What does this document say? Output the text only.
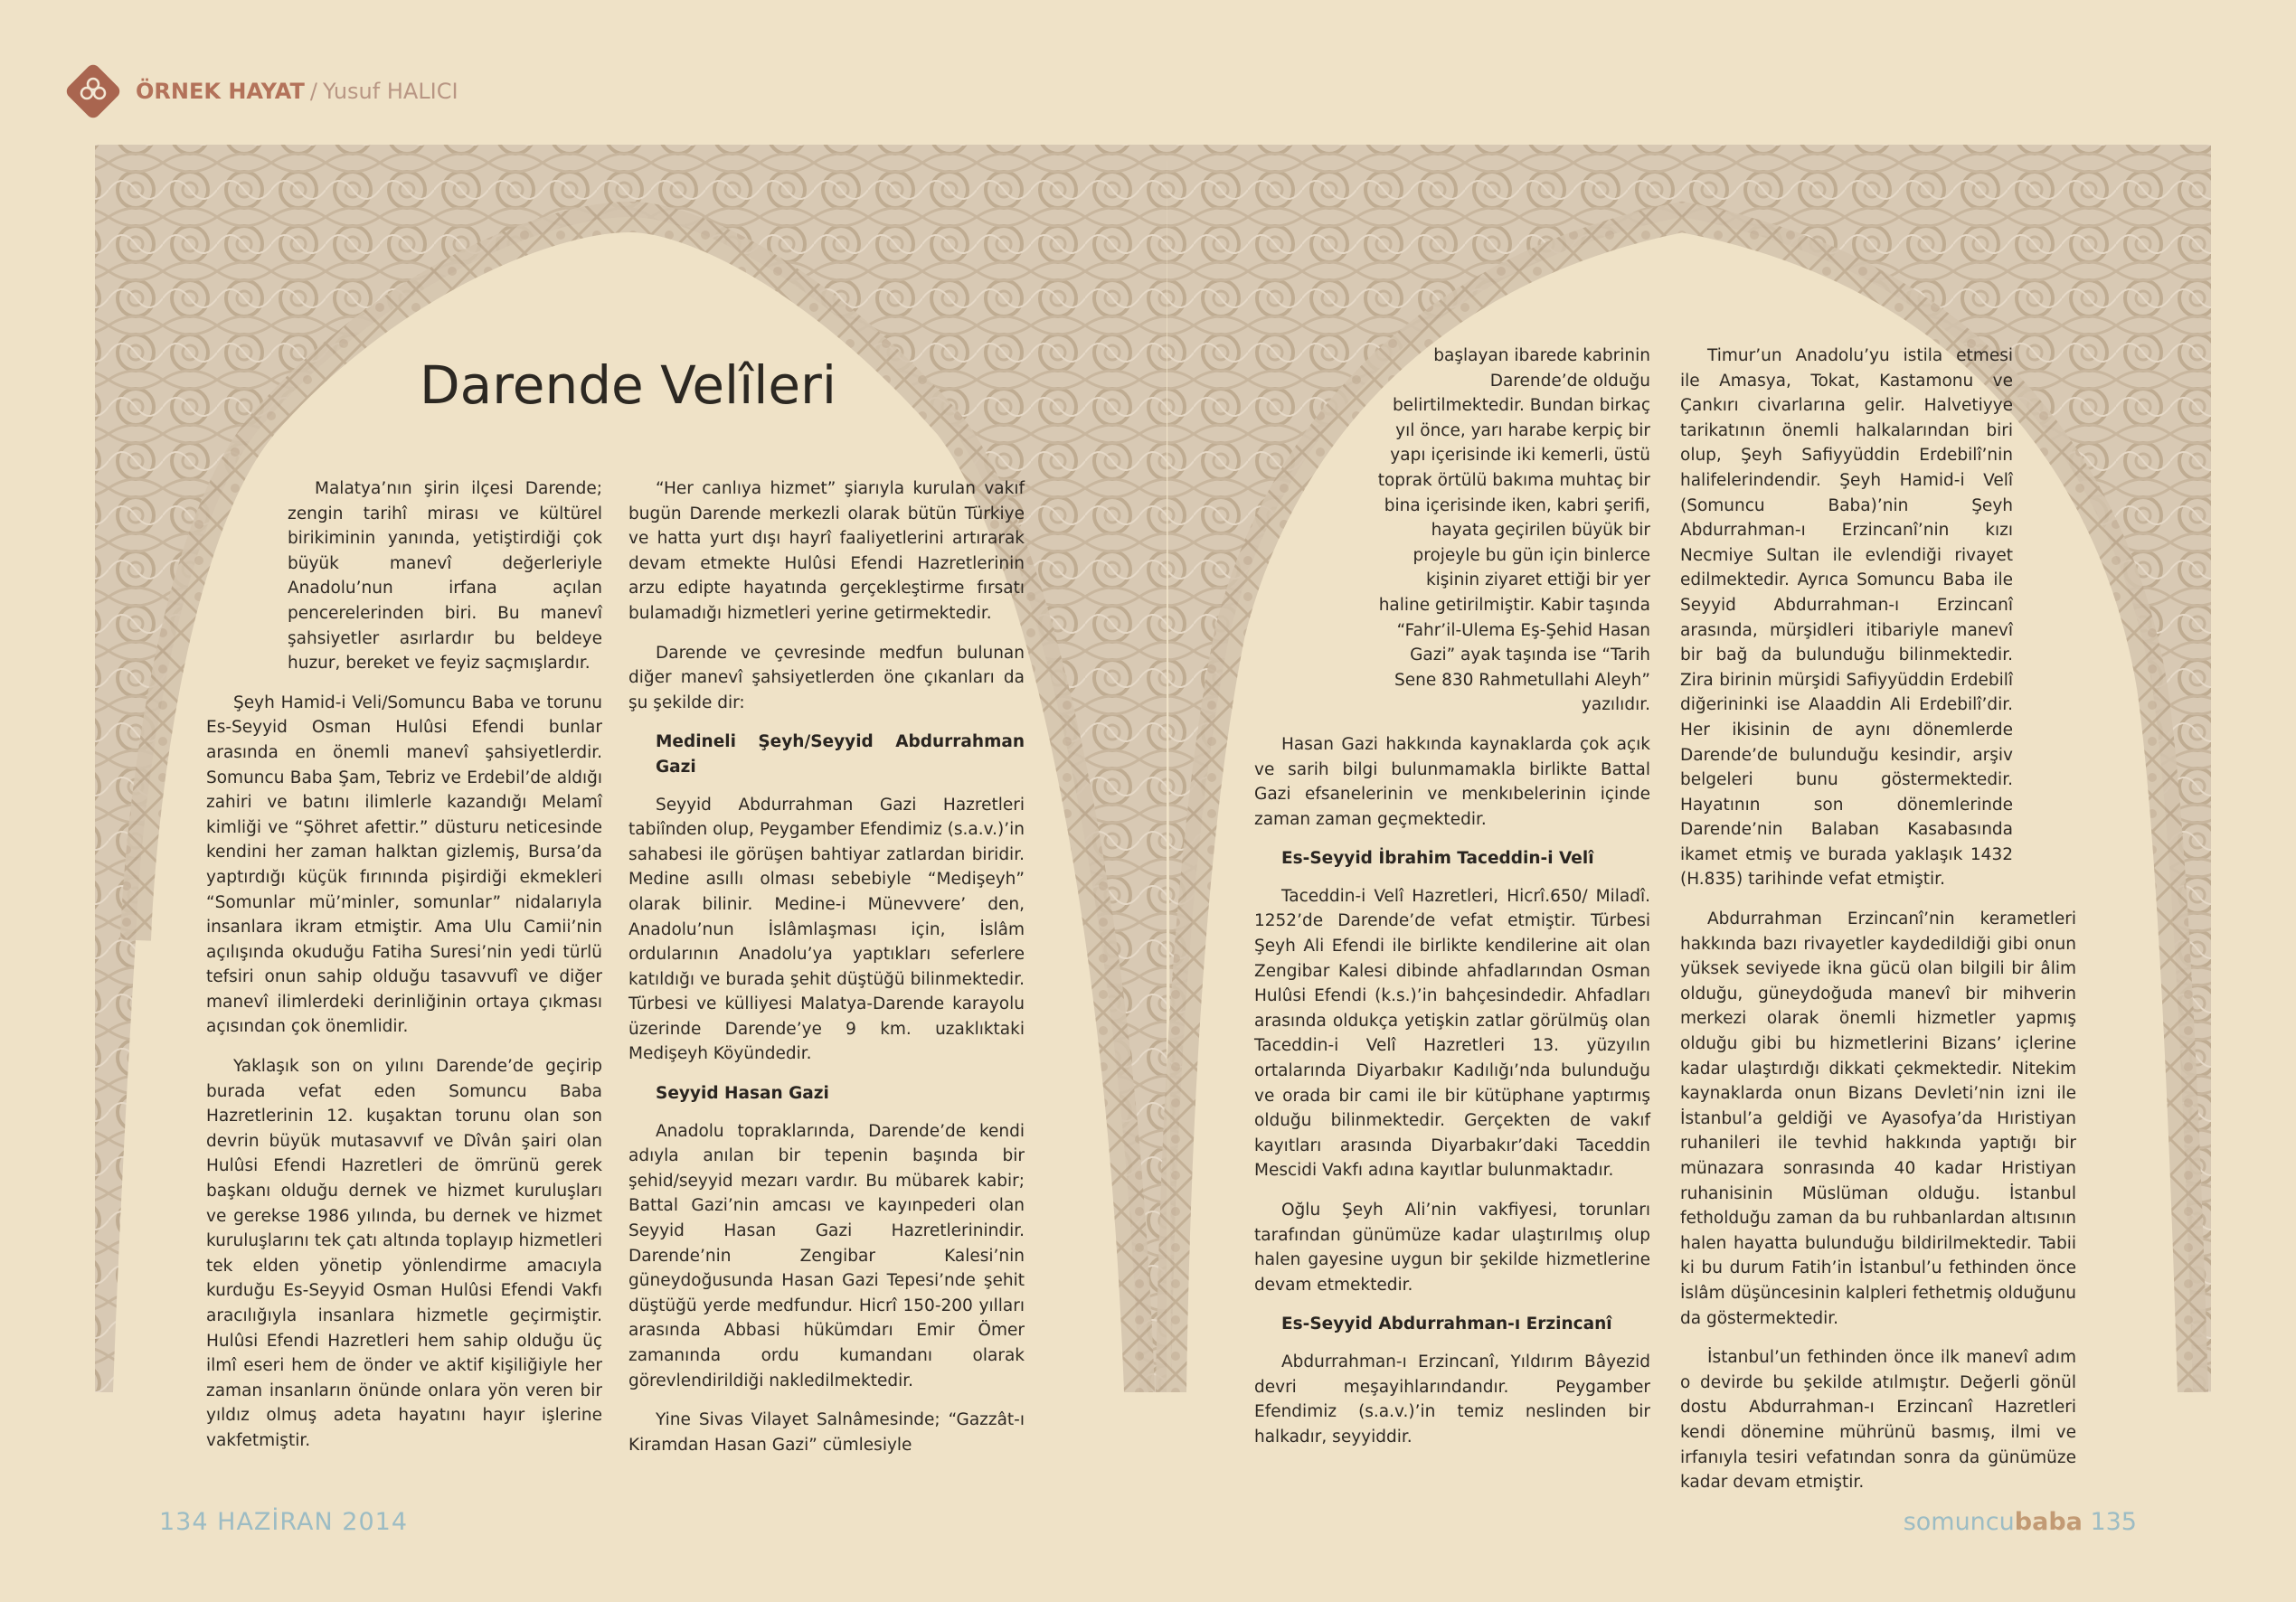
ÖRNEK HAYAT / Yusuf HALICI
Darende Velîleri

Malatya’nın şirin ilçesi Darende; zengin tarihî mirası ve kültürel birikiminin yanında, yetiştirdiği çok büyük manevî değerleriyle Anadolu’nun irfana açılan pencerelerinden biri. Bu manevî şahsiyetler asırlardır bu beldeye huzur, bereket ve feyiz saçmışlardır.

Şeyh Hamid-i Veli/Somuncu Baba ve torunu Es-Seyyid Osman Hulûsi Efendi bunlar arasında en önemli manevî şahsiyetlerdir. Somuncu Baba Şam, Tebriz ve Erdebil’de aldığı zahiri ve batını ilimlerle kazandığı Melamî kimliği ve “Şöhret afettir.” düsturu neticesinde kendini her zaman halktan gizlemiş, Bursa’da yaptırdığı küçük fırınında pişirdiği ekmekleri “Somunlar mü’minler, somunlar” nidalarıyla insanlara ikram etmiştir. Ama Ulu Camii’nin açılışında okuduğu Fatiha Suresi’nin yedi türlü tefsiri onun sahip olduğu tasavvufî ve diğer manevî ilimlerdeki derinliğinin ortaya çıkması açısından çok önemlidir.

Yaklaşık son on yılını Darende’de geçirip burada vefat eden Somuncu Baba Hazretlerinin 12. kuşaktan torunu olan son devrin büyük mutasavvıf ve Dîvân şairi olan Hulûsi Efendi Hazretleri de ömrünü gerek başkanı olduğu dernek ve hizmet kuruluşları ve gerekse 1986 yılında, bu dernek ve hizmet kuruluşlarını tek çatı altında toplayıp hizmetleri tek elden yönetip yönlendirme amacıyla kurduğu Es-Seyyid Osman Hulûsi Efendi Vakfı aracılığıyla insanlara hizmetle geçirmiştir. Hulûsi Efendi Hazretleri hem sahip olduğu üç ilmî eseri hem de önder ve aktif kişiliğiyle her zaman insanların önünde onlara yön veren bir yıldız olmuş adeta hayatını hayır işlerine vakfetmiştir.

“Her canlıya hizmet” şiarıyla kurulan vakıf bugün Darende merkezli olarak bütün Türkiye ve hatta yurt dışı hayrî faaliyetlerini artırarak devam etmekte Hulûsi Efendi Hazretlerinin arzu edipte hayatında gerçekleştirme fırsatı bulamadığı hizmetleri yerine getirmektedir.

Darende ve çevresinde medfun bulunan diğer manevî şahsiyetlerden öne çıkanları da şu şekilde dir:

Medineli Şeyh/Seyyid Abdurrahman Gazi

Seyyid Abdurrahman Gazi Hazretleri tabiînden olup, Peygamber Efendimiz (s.a.v.)’in sahabesi ile görüşen bahtiyar zatlardan biridir. Medine asıllı olması sebebiyle “Medişeyh” olarak bilinir. Medine-i Münevvere’ den, Anadolu’nun İslâmlaşması için, İslâm ordularının Anadolu’ya yaptıkları seferlere katıldığı ve burada şehit düştüğü bilinmektedir. Türbesi ve külliyesi Malatya-Darende karayolu üzerinde Darende’ye 9 km. uzaklıktaki Medişeyh Köyündedir.

Seyyid Hasan Gazi

Anadolu topraklarında, Darende’de kendi adıyla anılan bir tepenin başında bir şehid/seyyid mezarı vardır. Bu mübarek kabir; Battal Gazi’nin amcası ve kayınpederi olan Seyyid Hasan Gazi Hazretlerinindir. Darende’nin Zengibar Kalesi’nin güneydoğusunda Hasan Gazi Tepesi’nde şehit düştüğü yerde medfundur. Hicrî 150-200 yılları arasında Abbasi hükümdarı Emir Ömer zamanında ordu kumandanı olarak görevlendirildiği nakledilmektedir.

Yine Sivas Vilayet Salnâmesinde; “Gazzât-ı Kiramdan Hasan Gazi” cümlesiyle

başlayan ibarede kabrinin Darende’de olduğu belirtilmektedir. Bundan birkaç yıl önce, yarı harabe kerpiç bir yapı içerisinde iki kemerli, üstü toprak örtülü bakıma muhtaç bir bina içerisinde iken, kabri şerifi, hayata geçirilen büyük bir projeyle bu gün için binlerce kişinin ziyaret ettiği bir yer haline getirilmiştir. Kabir taşında “Fahr’il-Ulema Eş-Şehid Hasan Gazi” ayak taşında ise “Tarih Sene 830 Rahmetullahi Aleyh” yazılıdır.

Hasan Gazi hakkında kaynaklarda çok açık ve sarih bilgi bulunmamakla birlikte Battal Gazi efsanelerinin ve menkıbelerinin içinde zaman zaman geçmektedir.

Es-Seyyid İbrahim Taceddin-i Velî

Taceddin-i Velî Hazretleri, Hicrî.650/ Miladî. 1252’de Darende’de vefat etmiştir. Türbesi Şeyh Ali Efendi ile birlikte kendilerine ait olan Zengibar Kalesi dibinde ahfadlarından Osman Hulûsi Efendi (k.s.)’in bahçesindedir. Ahfadları arasında oldukça yetişkin zatlar görülmüş olan Taceddin-i Velî Hazretleri 13. yüzyılın ortalarında Diyarbakır Kadılığı’nda bulunduğu ve orada bir cami ile bir kütüphane yaptırmış olduğu bilinmektedir. Gerçekten de vakıf kayıtları arasında Diyarbakır’daki Taceddin Mescidi Vakfı adına kayıtlar bulunmaktadır.

Oğlu Şeyh Ali’nin vakfiyesi, torunları tarafından günümüze kadar ulaştırılmış olup halen gayesine uygun bir şekilde hizmetlerine devam etmektedir.

Es-Seyyid Abdurrahman-ı Erzincanî

Abdurrahman-ı Erzincanî, Yıldırım Bâyezid devri meşayihlarındandır. Peygamber Efendimiz (s.a.v.)’in temiz neslinden bir halkadır, seyyiddir.

Timur’un Anadolu’yu istila etmesi ile Amasya, Tokat, Kastamonu ve Çankırı civarlarına gelir. Halvetiyye tarikatının önemli halkalarından biri olup, Şeyh Safiyyüddin Erdebilî’nin halifelerindendir. Şeyh Hamid-i Velî (Somuncu Baba)’nin Şeyh Abdurrahman-ı Erzincanî’nin kızı Necmiye Sultan ile evlendiği rivayet edilmektedir. Ayrıca Somuncu Baba ile Seyyid Abdurrahman-ı Erzincanî arasında, mürşidleri itibariyle manevî bir bağ da bulunduğu bilinmektedir. Zira birinin mürşidi Safiyyüddin Erdebilî diğerininki ise Alaaddin Ali Erdebilî’dir. Her ikisinin de aynı dönemlerde Darende’de bulunduğu kesindir, arşiv belgeleri bunu göstermektedir. Hayatının son dönemlerinde Darende’nin Balaban Kasabasında ikamet etmiş ve burada yaklaşık 1432 (H.835) tarihinde vefat etmiştir.

Abdurrahman Erzincanî’nin kerametleri hakkında bazı rivayetler kaydedildiği gibi onun yüksek seviyede ikna gücü olan bilgili bir âlim olduğu, güneydoğuda manevî bir mihverin merkezi olarak önemli hizmetler yapmış olduğu gibi bu hizmetlerini Bizans’ içlerine kadar ulaştırdığı dikkati çekmektedir. Nitekim kaynaklarda onun Bizans Devleti’nin izni ile İstanbul’a geldiği ve Ayasofya’da Hıristiyan ruhanileri ile tevhid hakkında yaptığı bir münazara sonrasında 40 kadar Hristiyan ruhanisinin Müslüman olduğu. İstanbul fetholduğu zaman da bu ruhbanlardan altısının halen hayatta bulunduğu bildirilmektedir. Tabii ki bu durum Fatih’in İstanbul’u fethinden önce İslâm düşüncesinin kalpleri fethetmiş olduğunu da göstermektedir.

İstanbul’un fethinden önce ilk manevî adım o devirde bu şekilde atılmıştır. Değerli gönül dostu Abdurrahman-ı Erzincanî Hazretleri kendi dönemine mührünü basmış, ilmi ve irfanıyla tesiri vefatından sonra da günümüze kadar devam etmiştir.

134 HAZİRAN 2014	somuncubaba 135
